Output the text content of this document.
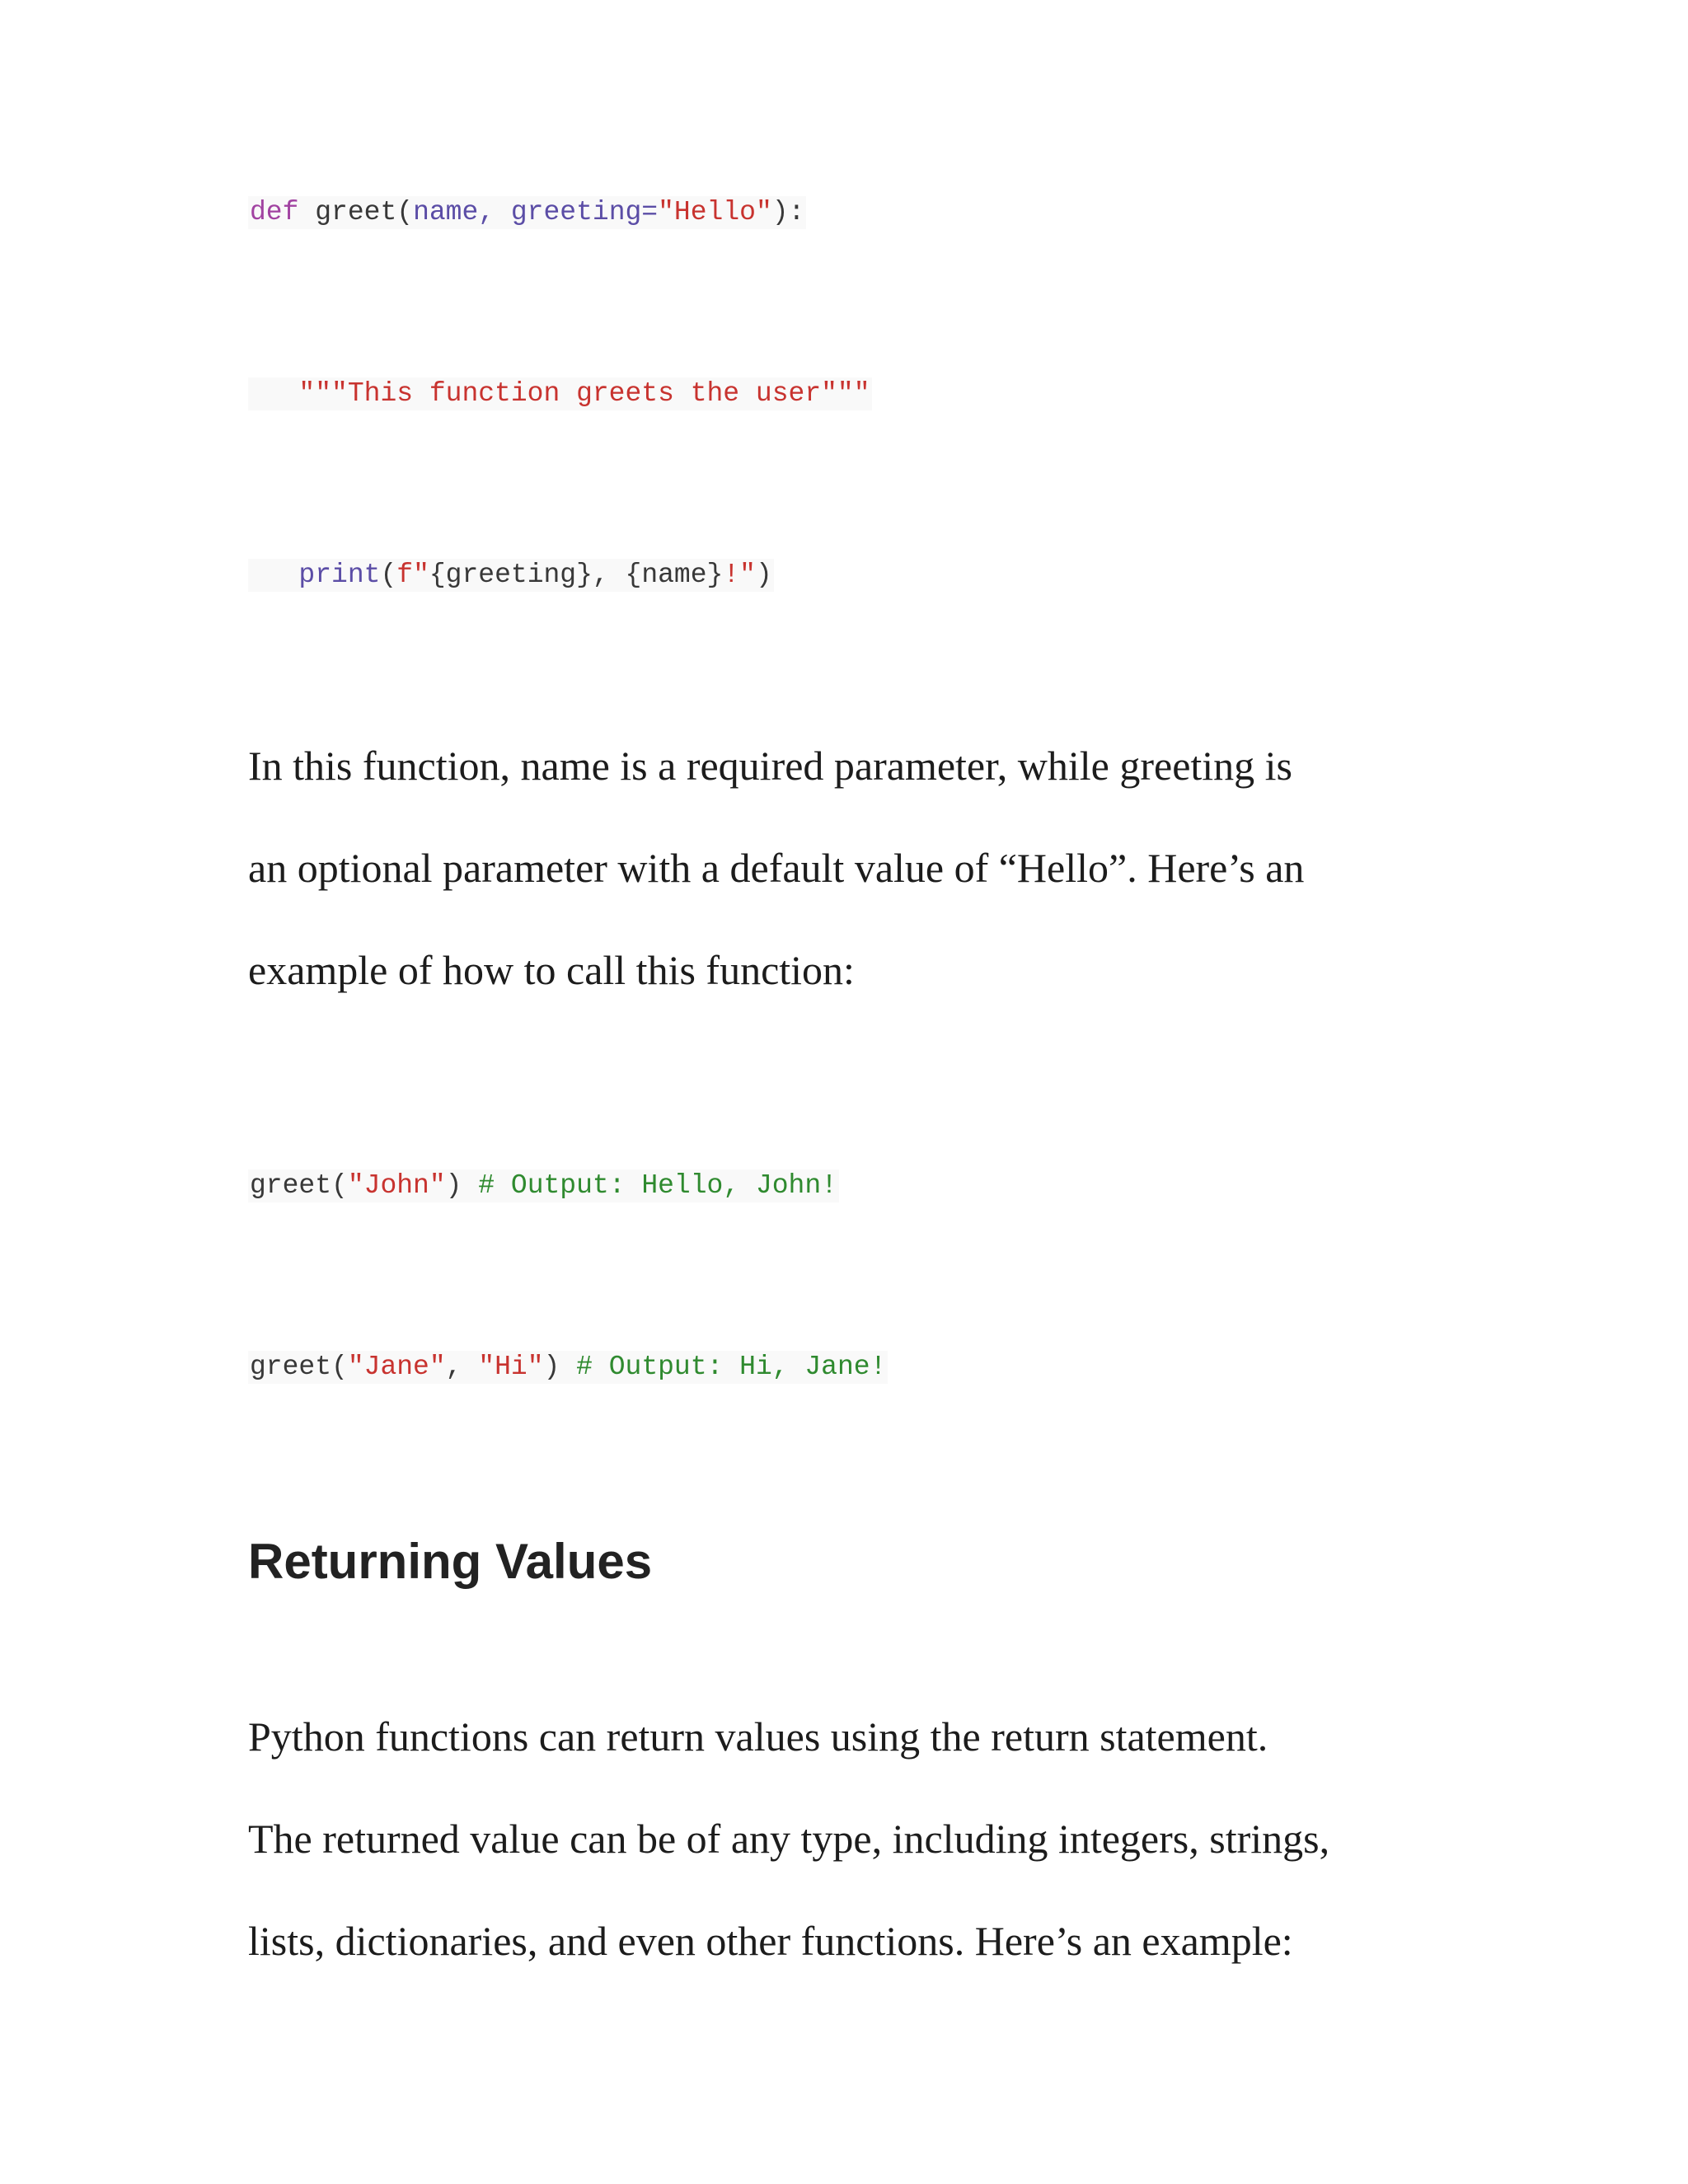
def greet(name, greeting="Hello"):
"""This function greets the user"""
print(f"{greeting}, {name}!")
In this function, name is a required parameter, while greeting is
an optional parameter with a default value of “Hello”. Here’s an
example of how to call this function:
greet("John") # Output: Hello, John!
greet("Jane", "Hi") # Output: Hi, Jane!
Returning Values
Python functions can return values using the return statement.
The returned value can be of any type, including integers, strings,
lists, dictionaries, and even other functions. Here’s an example:
